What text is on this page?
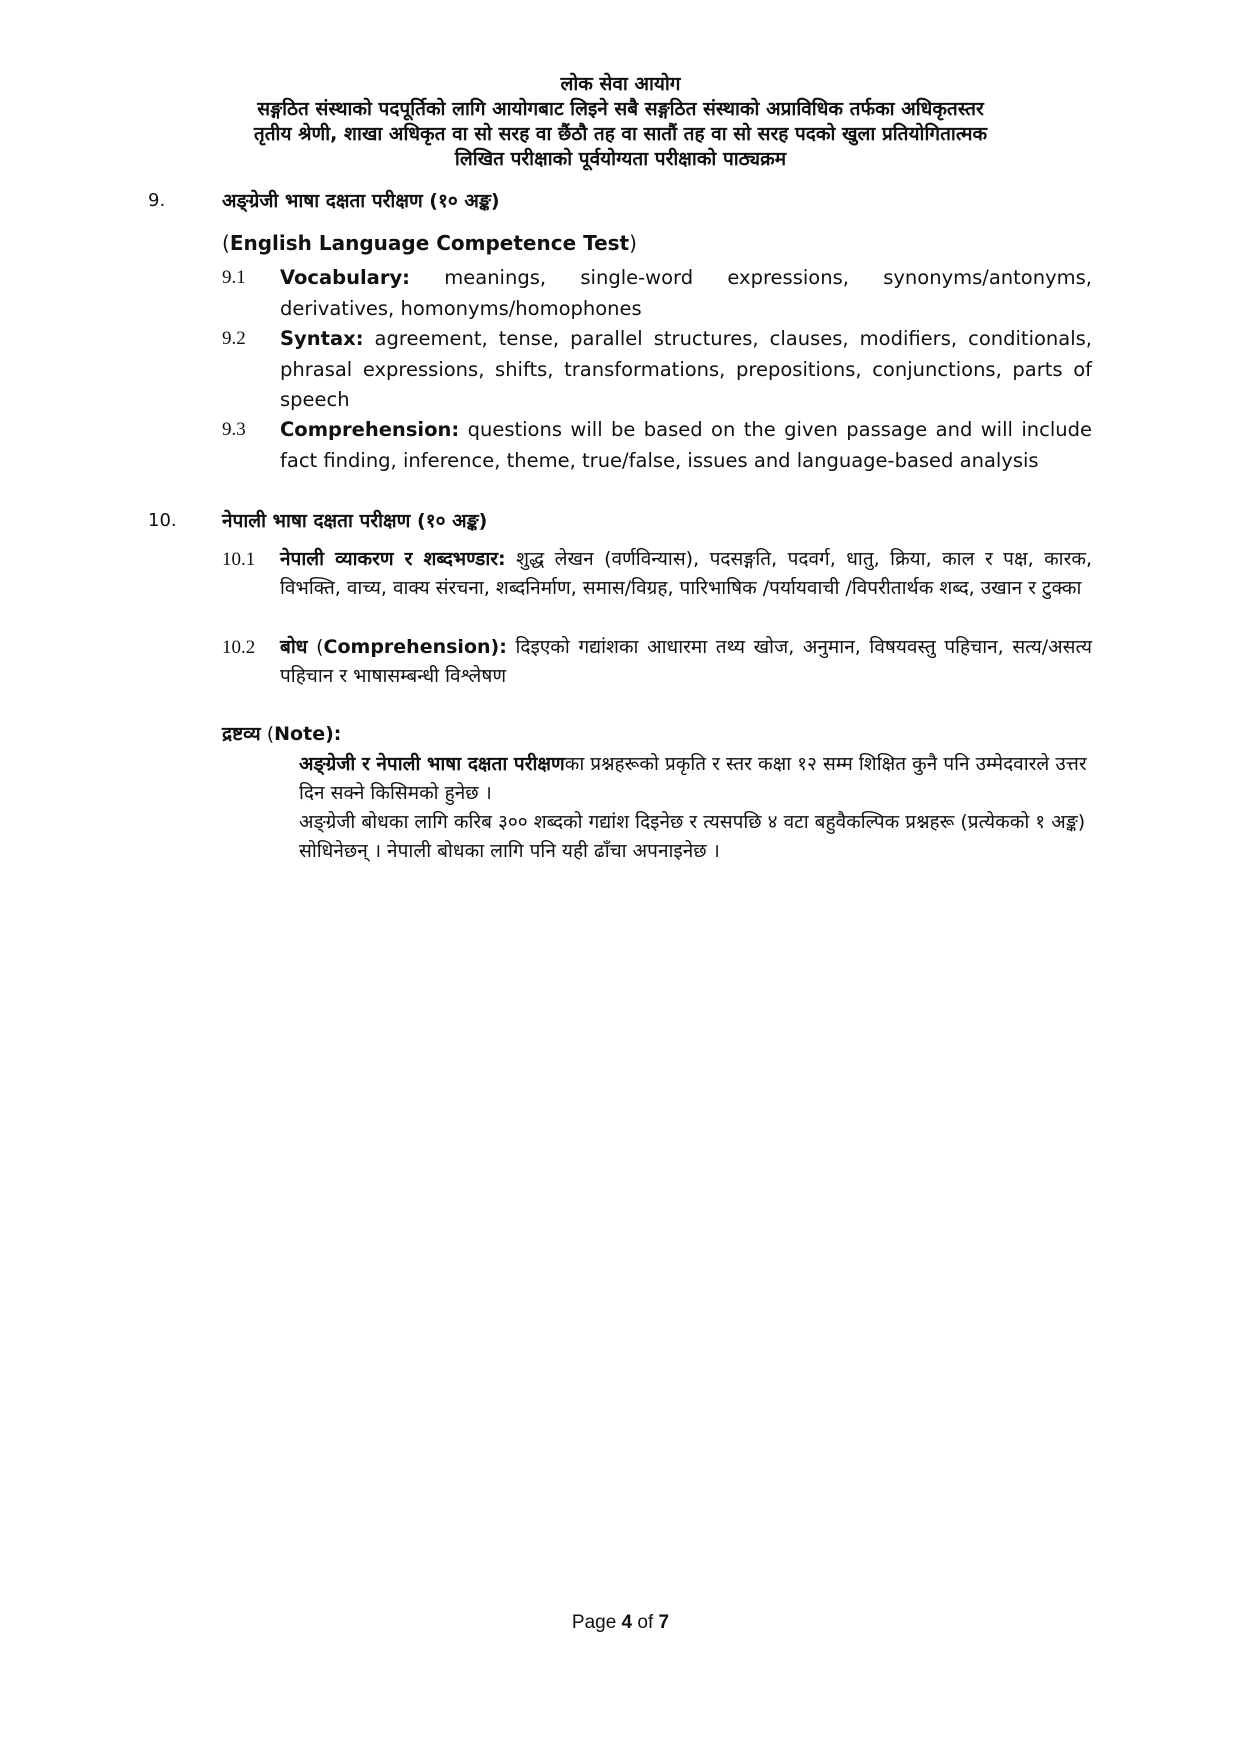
लोक सेवा आयोग
सङ्गठित संस्थाको पदपूर्तिको लागि आयोगबाट लिइने सबै सङ्गठित संस्थाको अप्राविधिक तर्फका अधिकृतस्तर
तृतीय श्रेणी, शाखा अधिकृत वा सो सरह वा छैंठौ तह वा सातौं तह वा सो सरह पदको खुला प्रतियोगितात्मक
लिखित परीक्षाको पूर्वयोग्यता परीक्षाको पाठ्यक्रम
9.	अङ्ग्रेजी भाषा दक्षता परीक्षण (१० अङ्क)
(English Language Competence Test)
9.1 Vocabulary: meanings, single-word expressions, synonyms/antonyms, derivatives, homonyms/homophones
9.2 Syntax: agreement, tense, parallel structures, clauses, modifiers, conditionals, phrasal expressions, shifts, transformations, prepositions, conjunctions, parts of speech
9.3 Comprehension: questions will be based on the given passage and will include fact finding, inference, theme, true/false, issues and language-based analysis
10. नेपाली भाषा दक्षता परीक्षण (१० अङ्क)
10.1 नेपाली व्याकरण र शब्दभण्डार: शुद्ध लेखन (वर्णविन्यास), पदसङ्गति, पदवर्ग, धातु, क्रिया, काल र पक्ष, कारक, विभक्ति, वाच्य, वाक्य संरचना, शब्दनिर्माण, समास/विग्रह, पारिभाषिक /पर्यायवाची /विपरीतार्थक शब्द, उखान र टुक्का
10.2 बोध (Comprehension): दिइएको गद्यांशका आधारमा तथ्य खोज, अनुमान, विषयवस्तु पहिचान, सत्य/असत्य पहिचान र भाषासम्बन्धी विश्लेषण
द्रष्टव्य (Note):
अङ्ग्रेजी र नेपाली भाषा दक्षता परीक्षणका प्रश्नहरूको प्रकृति र स्तर कक्षा १२ सम्म शिक्षित कुनै पनि उम्मेदवारले उत्तर दिन सक्ने किसिमको हुनेछ ।
अङ्ग्रेजी बोधका लागि करिब ३०० शब्दको गद्यांश दिइनेछ र त्यसपछि ४ वटा बहुवैकल्पिक प्रश्नहरू (प्रत्येकको १ अङ्क) सोधिनेछन् । नेपाली बोधका लागि पनि यही ढाँचा अपनाइनेछ ।
Page 4 of 7
